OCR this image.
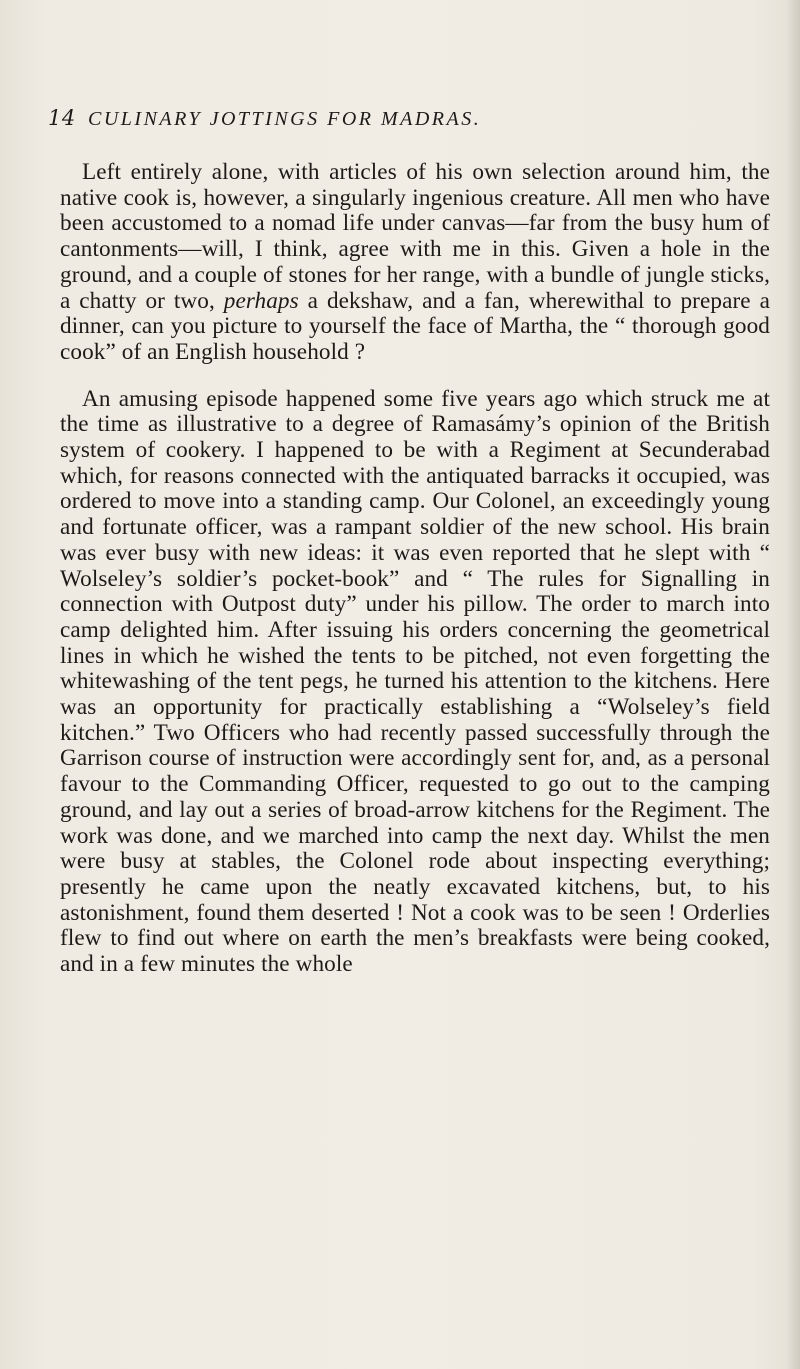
14 CULINARY JOTTINGS FOR MADRAS.

Left entirely alone, with articles of his own selection around him, the native cook is, however, a singularly ingenious creature. All men who have been accustomed to a nomad life under canvas—far from the busy hum of cantonments—will, I think, agree with me in this. Given a hole in the ground, and a couple of stones for her range, with a bundle of jungle sticks, a chatty or two, perhaps a dekshaw, and a fan, wherewithal to prepare a dinner, can you picture to yourself the face of Martha, the “ thorough good cook” of an English household ?

An amusing episode happened some five years ago which struck me at the time as illustrative to a degree of Ramasámy’s opinion of the British system of cookery. I happened to be with a Regiment at Secunderabad which, for reasons connected with the antiquated barracks it occupied, was ordered to move into a standing camp. Our Colonel, an exceedingly young and fortunate officer, was a rampant soldier of the new school. His brain was ever busy with new ideas: it was even reported that he slept with “ Wolseley’s soldier’s pocket-book” and “ The rules for Signalling in connection with Outpost duty” under his pillow. The order to march into camp delighted him. After issuing his orders concerning the geometrical lines in which he wished the tents to be pitched, not even forgetting the whitewashing of the tent pegs, he turned his attention to the kitchens. Here was an opportunity for practically establishing a “Wolseley’s field kitchen.” Two Officers who had recently passed successfully through the Garrison course of instruction were accordingly sent for, and, as a personal favour to the Commanding Officer, requested to go out to the camping ground, and lay out a series of broad-arrow kitchens for the Regiment. The work was done, and we marched into camp the next day. Whilst the men were busy at stables, the Colonel rode about inspecting everything; presently he came upon the neatly excavated kitchens, but, to his astonishment, found them deserted ! Not a cook was to be seen ! Orderlies flew to find out where on earth the men’s breakfasts were being cooked, and in a few minutes the whole
